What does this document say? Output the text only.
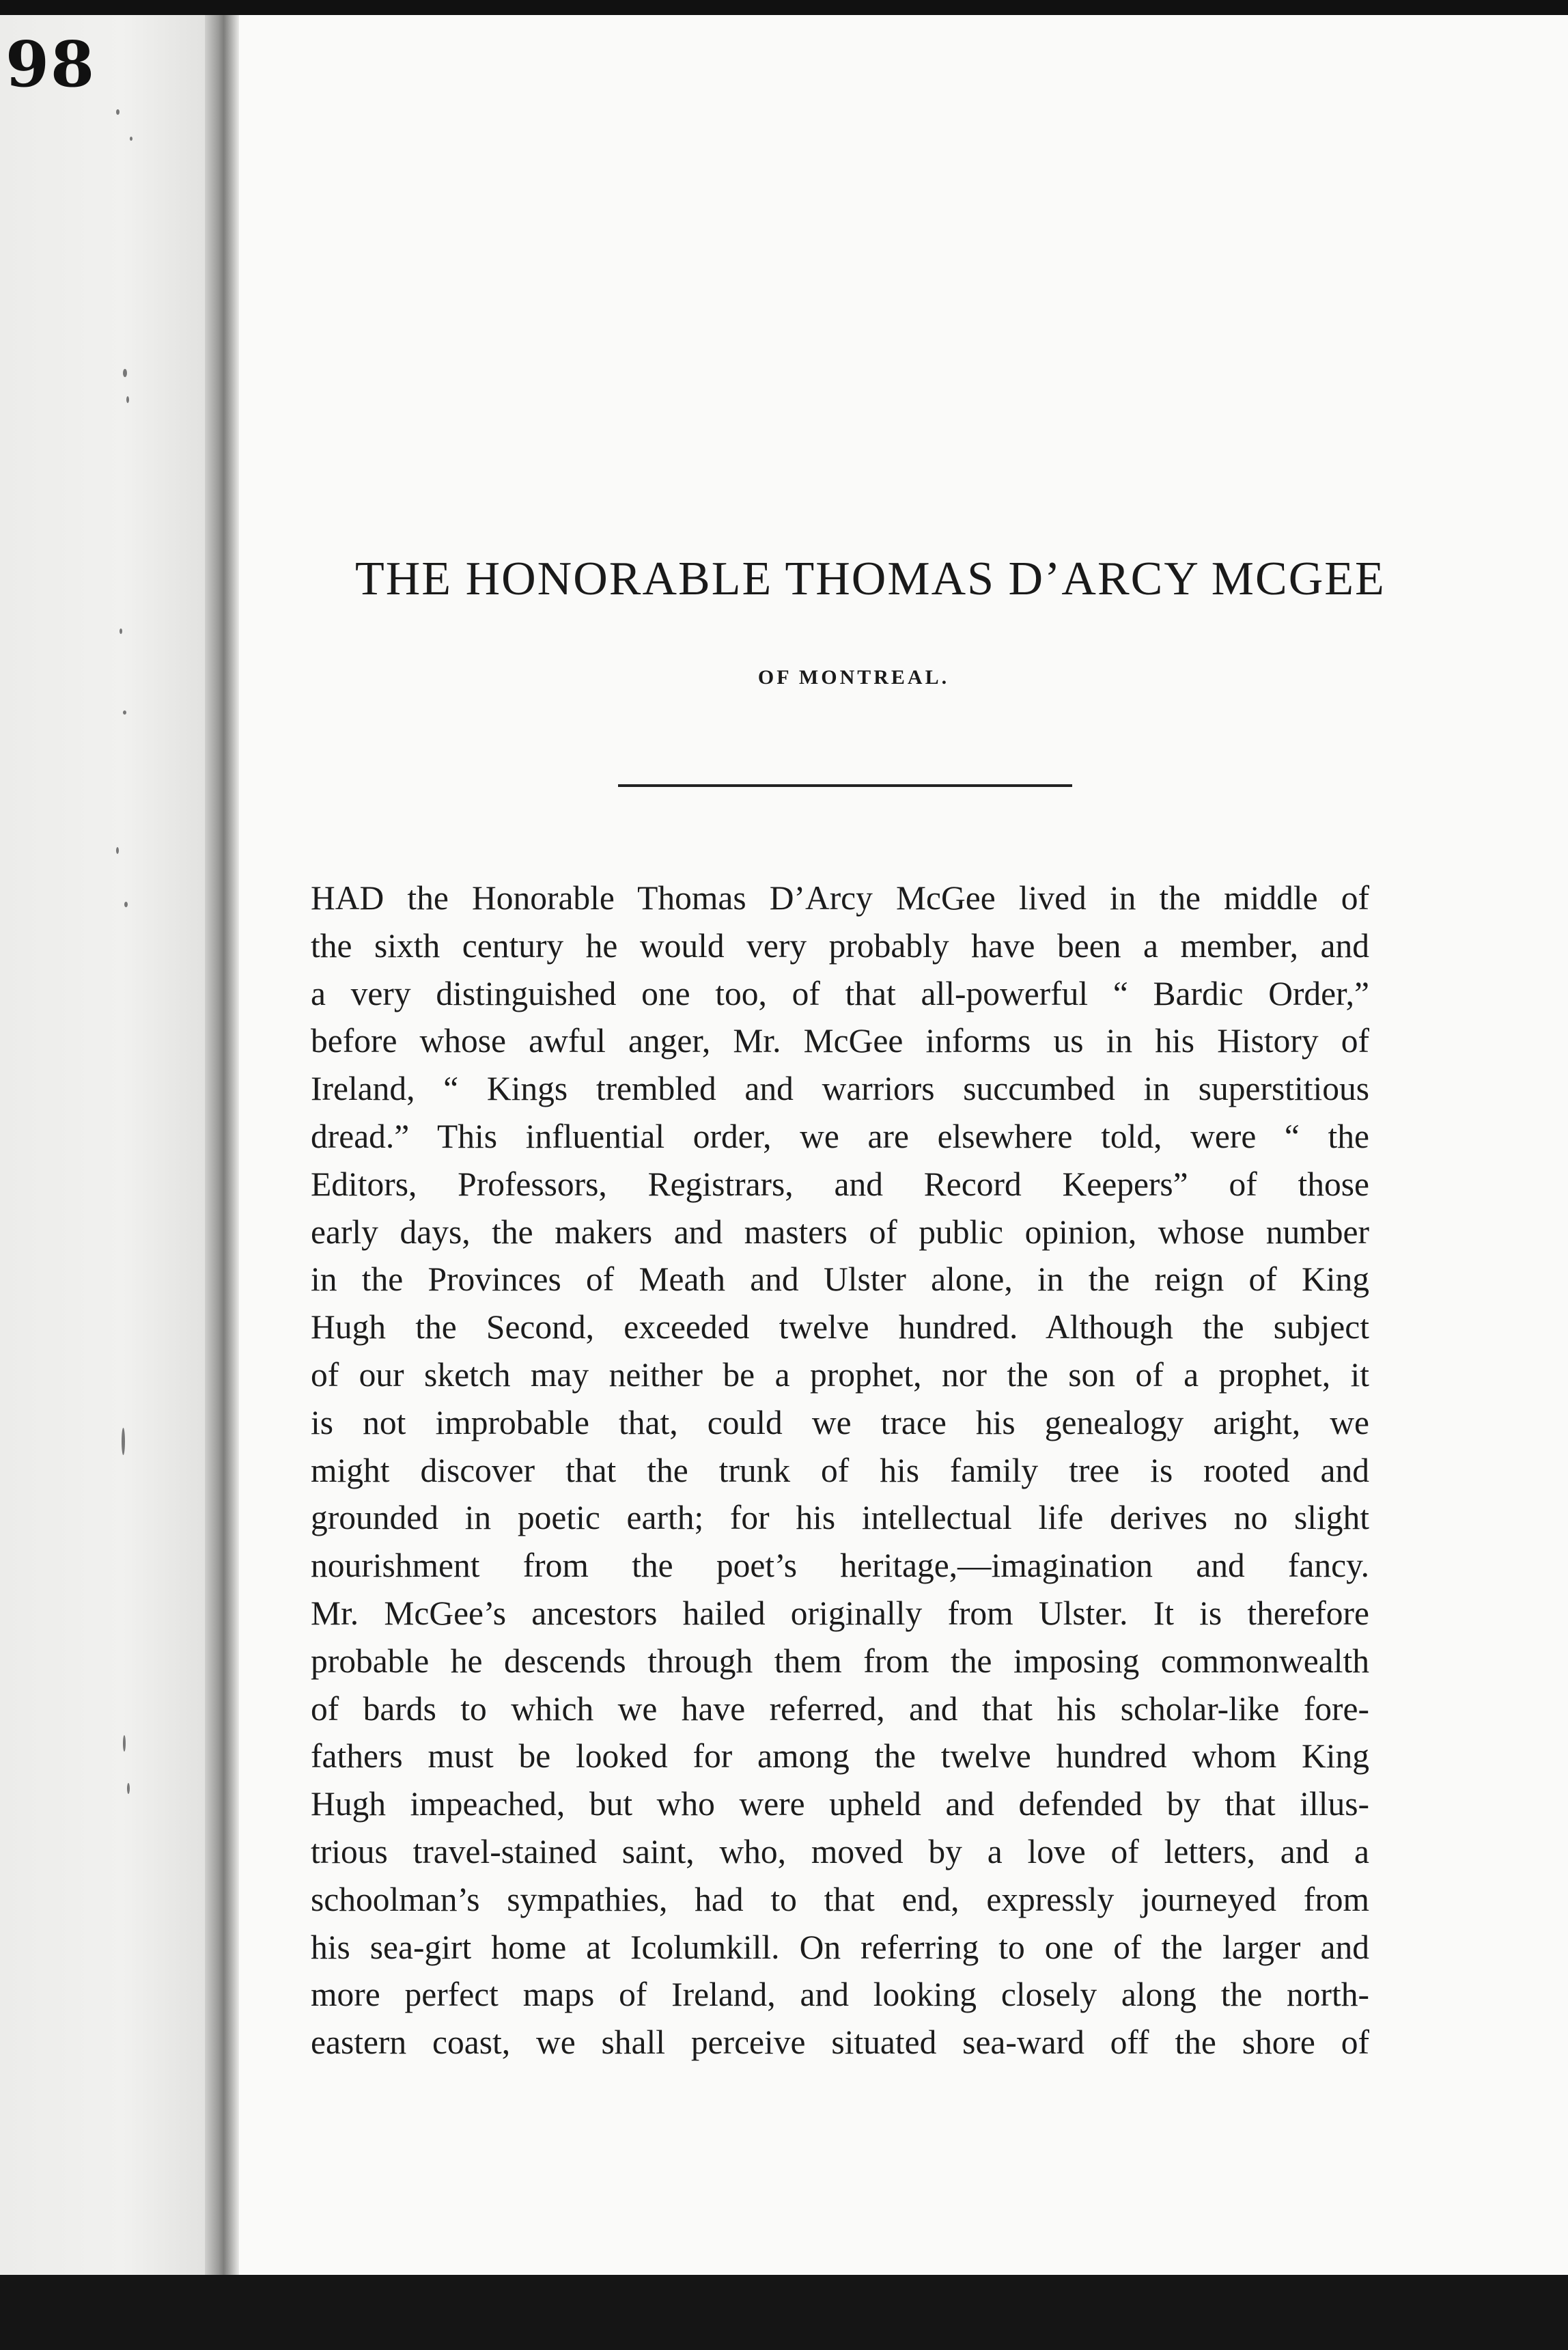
98
THE HONORABLE THOMAS D’ARCY MCGEE
OF MONTREAL.

HAD the Honorable Thomas D’Arcy McGee lived in the middle of
the sixth century he would very probably have been a member, and
a very distinguished one too, of that all-powerful “ Bardic Order,”
before whose awful anger, Mr. McGee informs us in his History of
Ireland, “ Kings trembled and warriors succumbed in superstitious
dread.” This influential order, we are elsewhere told, were “ the
Editors, Professors, Registrars, and Record Keepers” of those
early days, the makers and masters of public opinion, whose number
in the Provinces of Meath and Ulster alone, in the reign of King
Hugh the Second, exceeded twelve hundred. Although the subject
of our sketch may neither be a prophet, nor the son of a prophet, it
is not improbable that, could we trace his genealogy aright, we
might discover that the trunk of his family tree is rooted and
grounded in poetic earth; for his intellectual life derives no slight
nourishment from the poet’s heritage,—imagination and fancy.
Mr. McGee’s ancestors hailed originally from Ulster. It is therefore
probable he descends through them from the imposing commonwealth
of bards to which we have referred, and that his scholar-like fore-
fathers must be looked for among the twelve hundred whom King
Hugh impeached, but who were upheld and defended by that illus-
trious travel-stained saint, who, moved by a love of letters, and a
schoolman’s sympathies, had to that end, expressly journeyed from
his sea-girt home at Icolumkill. On referring to one of the larger and
more perfect maps of Ireland, and looking closely along the north-
eastern coast, we shall perceive situated sea-ward off the shore of
